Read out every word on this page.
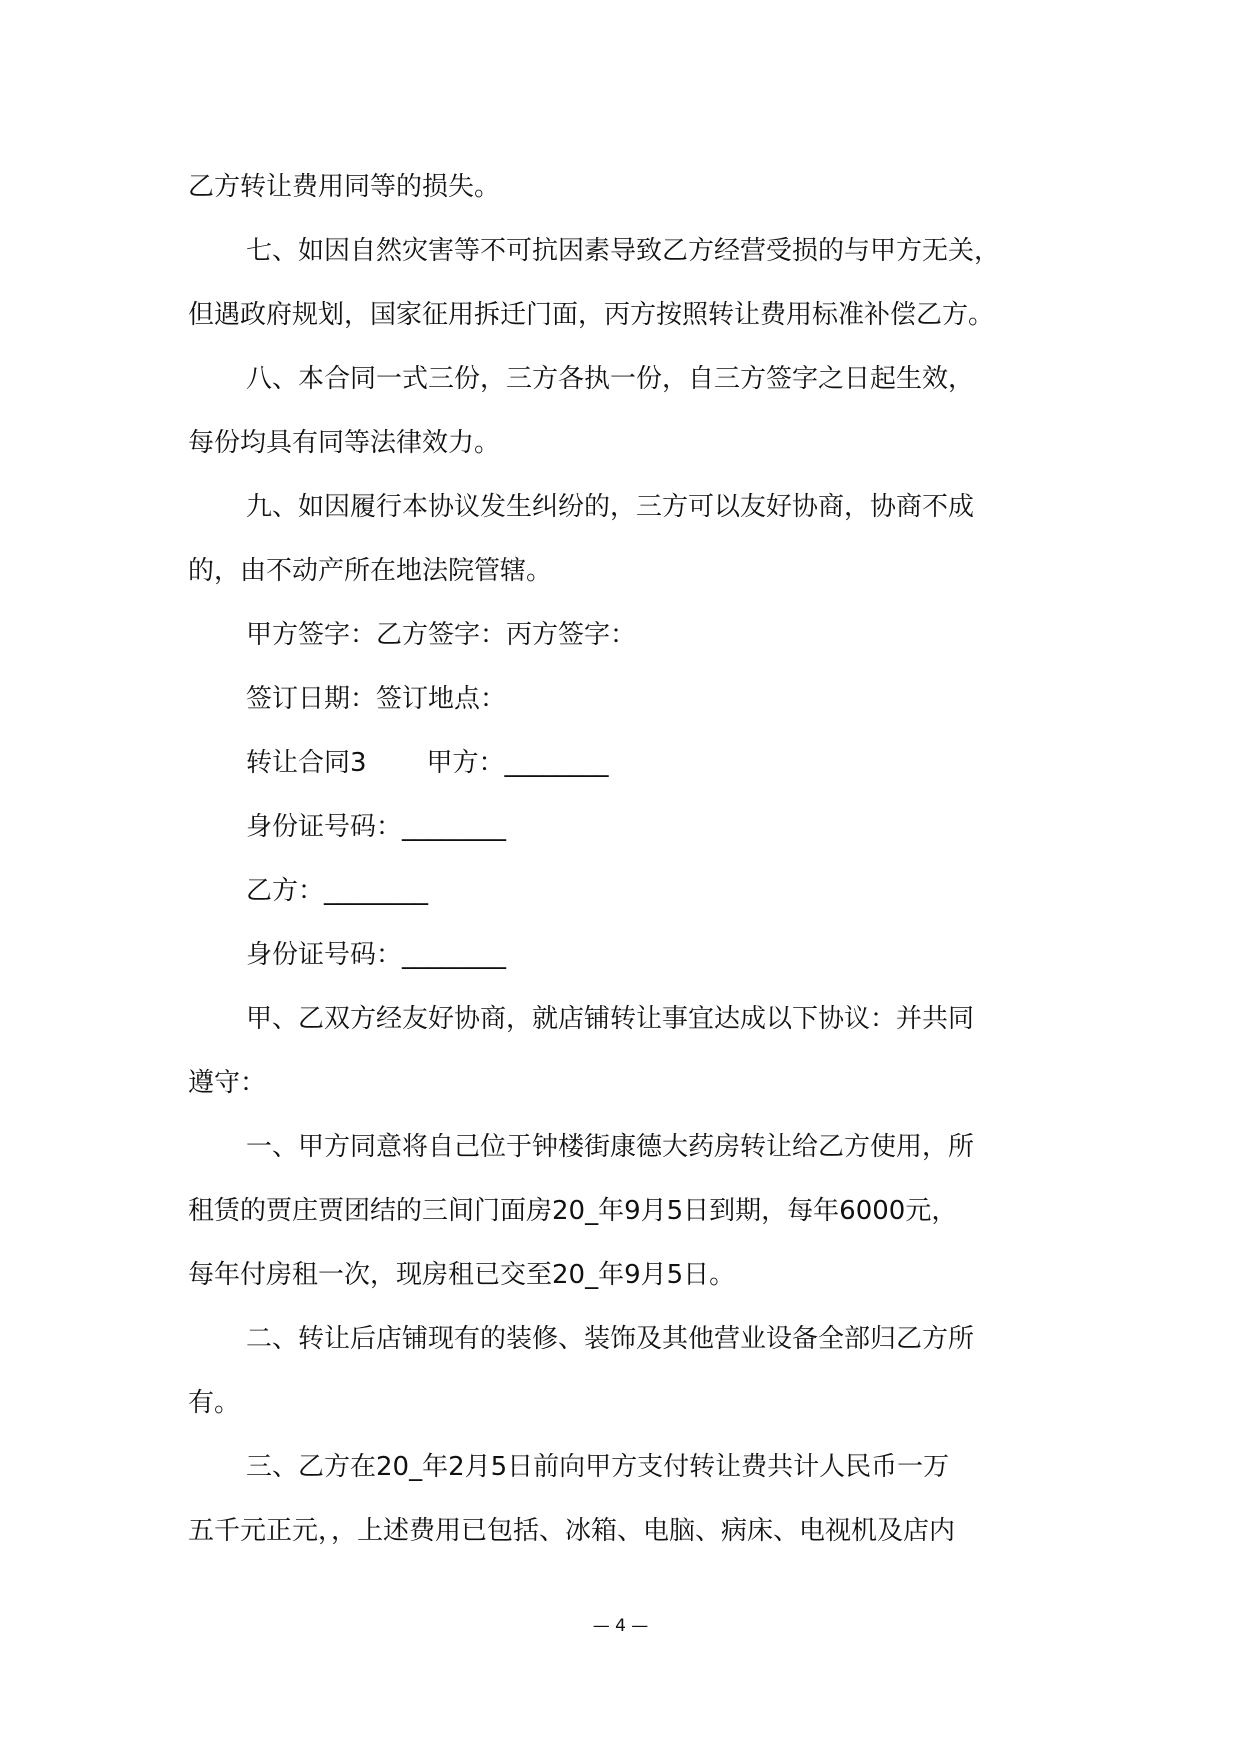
乙方转让费用同等的损失。
七、如因自然灾害等不可抗因素导致乙方经营受损的与甲方无关，
但遇政府规划，国家征用拆迁门面，丙方按照转让费用标准补偿乙方。
八、本合同一式三份，三方各执一份，自三方签字之日起生效，
每份均具有同等法律效力。
九、如因履行本协议发生纠纷的，三方可以友好协商，协商不成
的，由不动产所在地法院管辖。
甲方签字：乙方签字：丙方签字：
签订日期：签订地点：
转让合同3 甲方：________
身份证号码：________
乙方：________
身份证号码：________
甲、乙双方经友好协商，就店铺转让事宜达成以下协议：并共同
遵守：
一、甲方同意将自己位于钟楼街康德大药房转让给乙方使用，所
租赁的贾庄贾团结的三间门面房20_年9月5日到期，每年6000元，
每年付房租一次，现房租已交至20_年9月5日。
二、转让后店铺现有的装修、装饰及其他营业设备全部归乙方所
有。
三、乙方在20_年2月5日前向甲方支付转让费共计人民币一万
五千元正元，，上述费用已包括、冰箱、电脑、病床、电视机及店内
— 4 —
